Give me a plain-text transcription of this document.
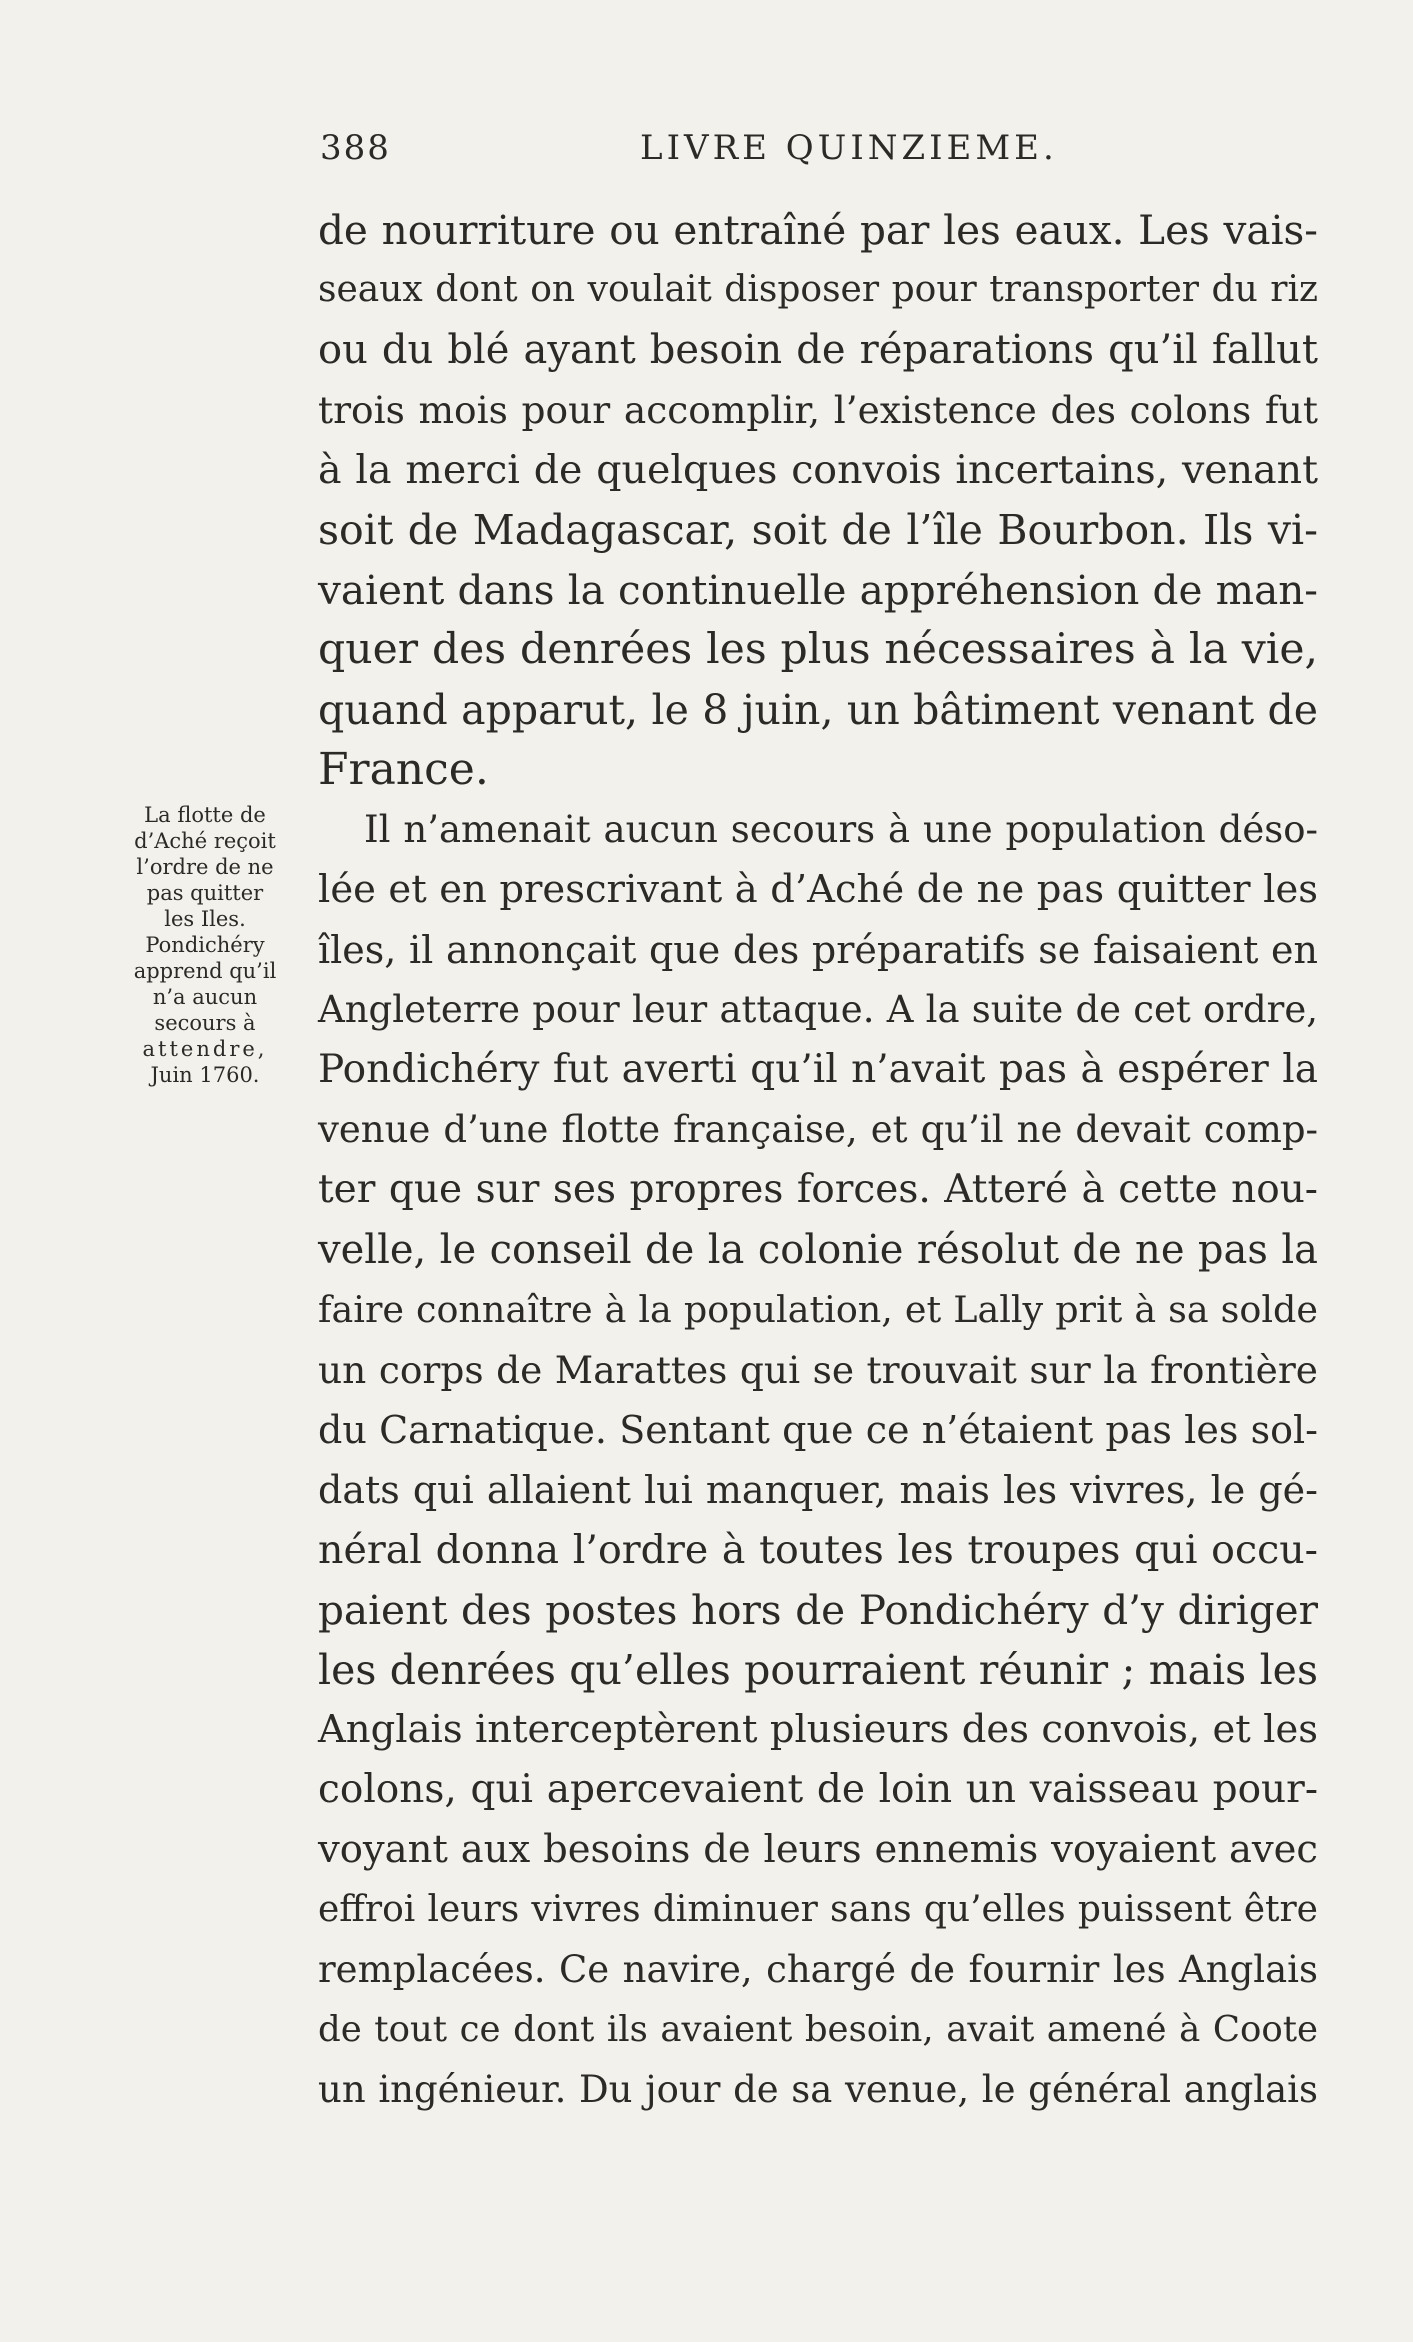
388	LIVRE QUINZIEME.
La flotte de
d’Aché reçoit
l’ordre de ne
pas quitter
les Iles.
Pondichéry
apprend qu’il
n’a aucun
secours à
attendre,
Juin 1760.
de nourriture ou entraîné par les eaux. Les vais-
seaux dont on voulait disposer pour transporter du riz
ou du blé ayant besoin de réparations qu’il fallut
trois mois pour accomplir, l’existence des colons fut
à la merci de quelques convois incertains, venant
soit de Madagascar, soit de l’île Bourbon. Ils vi-
vaient dans la continuelle appréhension de man-
quer des denrées les plus nécessaires à la vie,
quand apparut, le 8 juin, un bâtiment venant de
France.
Il n’amenait aucun secours à une population déso-
lée et en prescrivant à d’Aché de ne pas quitter les
îles, il annonçait que des préparatifs se faisaient en
Angleterre pour leur attaque. A la suite de cet ordre,
Pondichéry fut averti qu’il n’avait pas à espérer la
venue d’une flotte française, et qu’il ne devait comp-
ter que sur ses propres forces. Atteré à cette nou-
velle, le conseil de la colonie résolut de ne pas la
faire connaître à la population, et Lally prit à sa solde
un corps de Marattes qui se trouvait sur la frontière
du Carnatique. Sentant que ce n’étaient pas les sol-
dats qui allaient lui manquer, mais les vivres, le gé-
néral donna l’ordre à toutes les troupes qui occu-
paient des postes hors de Pondichéry d’y diriger
les denrées qu’elles pourraient réunir ; mais les
Anglais interceptèrent plusieurs des convois, et les
colons, qui apercevaient de loin un vaisseau pour-
voyant aux besoins de leurs ennemis voyaient avec
effroi leurs vivres diminuer sans qu’elles puissent être
remplacées. Ce navire, chargé de fournir les Anglais
de tout ce dont ils avaient besoin, avait amené à Coote
un ingénieur. Du jour de sa venue, le général anglais
